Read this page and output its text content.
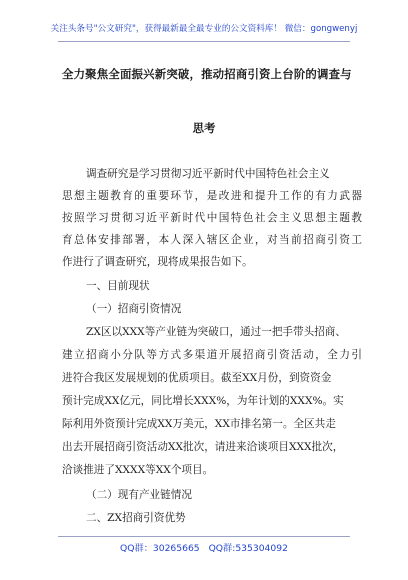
关注头条号"公文研究"，获得最新最全最专业的公文资料库！ 微信：gongwenyj
全力聚焦全面振兴新突破，推动招商引资上台阶的调查与
思考
调查研究是学习贯彻习近平新时代中国特色社会主义
思想主题教育的重要环节，是改进和提升工作的有力武器
按照学习贯彻习近平新时代中国特色社会主义思想主题教
育总体安排部署，本人深入辖区企业，对当前招商引资工
作进行了调查研究，现将成果报告如下。
一、目前现状
（一）招商引资情况
ZX区以XXX等产业链为突破口，通过一把手带头招商、
建立招商小分队等方式多渠道开展招商引资活动，全力引
进符合我区发展规划的优质项目。截至XX月份，到资资金
预计完成XX亿元，同比增长XXX%，为年计划的XXX%。实
际利用外资预计完成XX万美元，XX市排名第一。全区共走
出去开展招商引资活动XX批次，请进来洽谈项目XXX批次，
洽谈推进了XXXX等XX个项目。
（二）现有产业链情况
二、ZX招商引资优势
QQ群：30265665 QQ群:535304092
